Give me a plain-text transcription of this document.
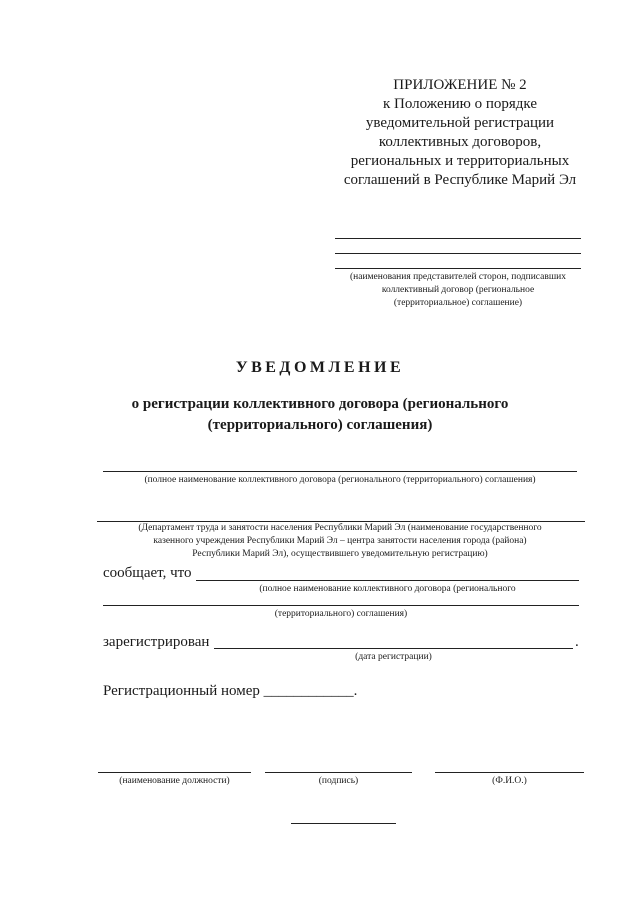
ПРИЛОЖЕНИЕ № 2
к Положению о порядке
уведомительной регистрации
коллективных договоров,
региональных и территориальных
соглашений в Республике Марий Эл
(наименования представителей сторон, подписавших
коллективный договор (региональное
(территориальное) соглашение)
УВЕДОМЛЕНИЕ
о регистрации коллективного договора (регионального
(территориального) соглашения)
(полное наименование коллективного договора (регионального (территориального) соглашения)
(Департамент труда и занятости населения Республики Марий Эл (наименование государственного
казенного учреждения Республики Марий Эл – центра занятости населения города (района)
Республики Марий Эл), осуществившего уведомительную регистрацию)
сообщает, что
(полное наименование коллективного договора (регионального
(территориального) соглашения)
зарегистрирован	.
(дата регистрации)
Регистрационный номер ____________.
(наименование должности)	(подпись)	(Ф.И.О.)
